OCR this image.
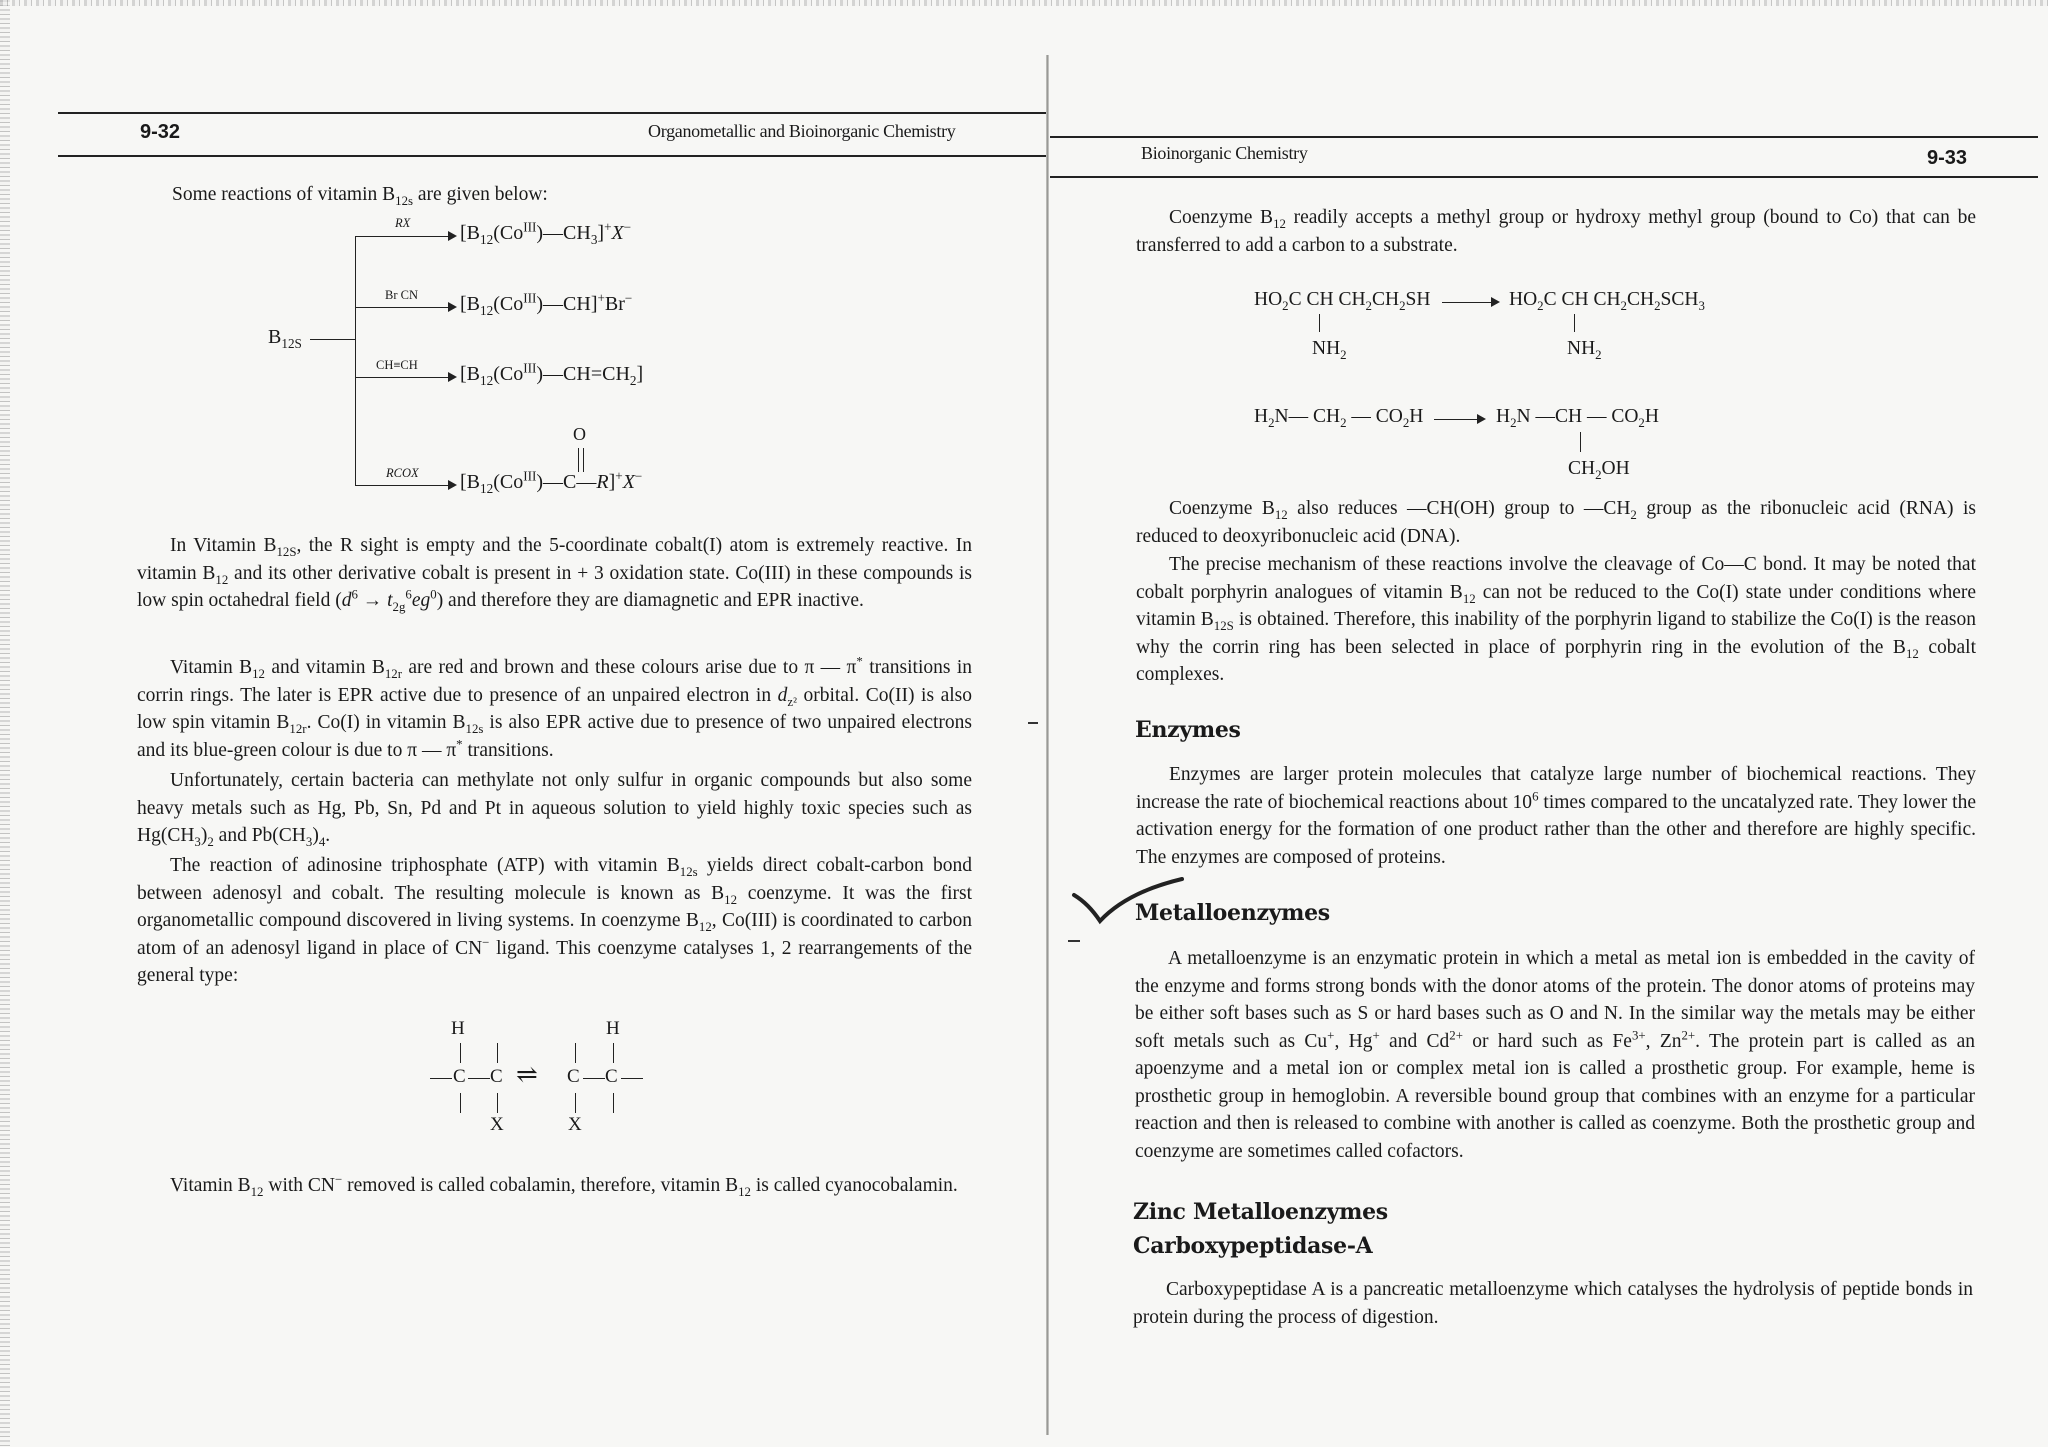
9-32	Organometallic and Bioinorganic Chemistry

Some reactions of vitamin $B_{12s}$ are given below:

$B_{12S}$
RX $[B_{12}(Co^{III})—CH_3]^+X^-$
Br CN $[B_{12}(Co^{III})—CH]^+Br^-$
CH≡CH $[B_{12}(Co^{III})—CH=CH_2]$
RCOX $[B_{12}(Co^{III})—C—R]^+X^-$
O

In Vitamin $B_{12S}$, the R sight is empty and the 5-coordinate cobalt(I) atom is extremely reactive. In vitamin $B_{12}$ and its other derivative cobalt is present in + 3 oxidation state. Co(III) in these compounds is low spin octahedral field $(d^6 \to t_{2g}^6eg^0)$ and therefore they are diamagnetic and EPR inactive.

Vitamin $B_{12}$ and vitamin $B_{12r}$ are red and brown and these colours arise due to π — π* transitions in corrin rings. The later is EPR active due to presence of an unpaired electron in $d_{z^2}$ orbital. Co(II) is also low spin vitamin $B_{12r}$. Co(I) in vitamin $B_{12s}$ is also EPR active due to presence of two unpaired electrons and its blue-green colour is due to π — π* transitions.

Unfortunately, certain bacteria can methylate not only sulfur in organic compounds but also some heavy metals such as Hg, Pb, Sn, Pd and Pt in aqueous solution to yield highly toxic species such as $Hg(CH_3)_2$ and $Pb(CH_3)_4$.

The reaction of adinosine triphosphate (ATP) with vitamin $B_{12s}$ yields direct cobalt-carbon bond between adenosyl and cobalt. The resulting molecule is known as $B_{12}$ coenzyme. It was the first organometallic compound discovered in living systems. In coenzyme $B_{12}$, Co(III) is coordinated to carbon atom of an adenosyl ligand in place of CN− ligand. This coenzyme catalyses 1, 2 rearrangements of the general type:

H	H
C C ⇌ C C
X	X

Vitamin $B_{12}$ with CN− removed is called cobalamin, therefore, vitamin $B_{12}$ is called cyanocobalamin.

Bioinorganic Chemistry	9-33

Coenzyme $B_{12}$ readily accepts a methyl group or hydroxy methyl group (bound to Co) that can be transferred to add a carbon to a substrate.

$HO_2C$ CH $CH_2CH_2SH$	$HO_2C$ CH $CH_2CH_2SCH_3$
$NH_2$	$NH_2$
$H_2N—$ $CH_2$ — $CO_2H$	$H_2N$ —CH — $CO_2H$
$CH_2OH$

Coenzyme $B_{12}$ also reduces —CH(OH) group to $—CH_2$ group as the ribonucleic acid (RNA) is reduced to deoxyribonucleic acid (DNA).

The precise mechanism of these reactions involve the cleavage of Co—C bond. It may be noted that cobalt porphyrin analogues of vitamin $B_{12}$ can not be reduced to the Co(I) state under conditions where vitamin $B_{12S}$ is obtained. Therefore, this inability of the porphyrin ligand to stabilize the Co(I) is the reason why the corrin ring has been selected in place of porphyrin ring in the evolution of the $B_{12}$ cobalt complexes.

Enzymes

Enzymes are larger protein molecules that catalyze large number of biochemical reactions. They increase the rate of biochemical reactions about $10^6$ times compared to the uncatalyzed rate. They lower the activation energy for the formation of one product rather than the other and therefore are highly specific. The enzymes are composed of proteins.

Metalloenzymes

A metalloenzyme is an enzymatic protein in which a metal as metal ion is embedded in the cavity of the enzyme and forms strong bonds with the donor atoms of the protein. The donor atoms of proteins may be either soft bases such as S or hard bases such as O and N. In the similar way the metals may be either soft metals such as Cu+, Hg+ and $Cd^{2+}$ or hard such as $Fe^{3+}$, $Zn^{2+}$. The protein part is called as an apoenzyme and a metal ion or complex metal ion is called a prosthetic group. For example, heme is prosthetic group in hemoglobin. A reversible bound group that combines with an enzyme for a particular reaction and then is released to combine with another is called as coenzyme. Both the prosthetic group and coenzyme are sometimes called cofactors.

Zinc Metalloenzymes
Carboxypeptidase-A

Carboxypeptidase A is a pancreatic metalloenzyme which catalyses the hydrolysis of peptide bonds in protein during the process of digestion.
